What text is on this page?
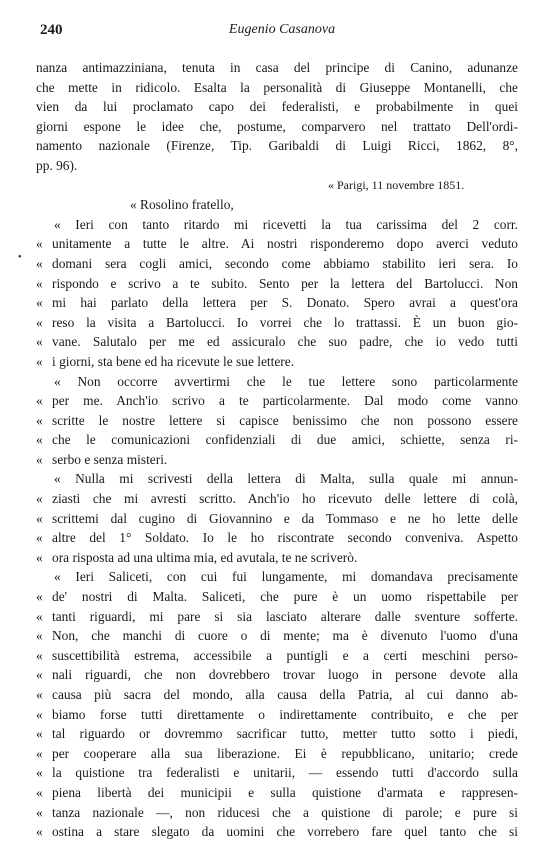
240	Eugenio Casanova
nanza antimazziniana, tenuta in casa del principe di Canino, adunanze
che mette in ridicolo. Esalta la personalità di Giuseppe Montanelli, che
vien da lui proclamato capo dei federalisti, e probabilmente in quei
giorni espone le idee che, postume, comparvero nel trattato Dell'ordi-
namento nazionale (Firenze, Tip. Garibaldi di Luigi Ricci, 1862, 8°,
pp. 96).
« Parigi, 11 novembre 1851.
« Rosolino fratello,
« Ieri con tanto ritardo mi ricevetti la tua carissima del 2 corr.
« unitamente a tutte le altre. Ai nostri risponderemo dopo averci veduto
« domani sera cogli amici, secondo come abbiamo stabilito ieri sera. Io
« rispondo e scrivo a te subito. Sento per la lettera del Bartolucci. Non
« mi hai parlato della lettera per S. Donato. Spero avrai a quest'ora
« reso la visita a Bartolucci. Io vorrei che lo trattassi. È un buon gio-
« vane. Salutalo per me ed assicuralo che suo padre, che io vedo tutti
« i giorni, sta bene ed ha ricevute le sue lettere.
« Non occorre avvertirmi che le tue lettere sono particolarmente
« per me. Anch'io scrivo a te particolarmente. Dal modo come vanno
« scritte le nostre lettere si capisce benissimo che non possono essere
« che le comunicazioni confidenziali di due amici, schiette, senza ri-
« serbo e senza misteri.
« Nulla mi scrivesti della lettera di Malta, sulla quale mi annun-
« ziasti che mi avresti scritto. Anch'io ho ricevuto delle lettere di colà,
« scrittemi dal cugino di Giovannino e da Tommaso e ne ho lette delle
« altre del 1° Soldato. Io le ho riscontrate secondo conveniva. Aspetto
« ora risposta ad una ultima mia, ed avutala, te ne scriverò.
« Ieri Saliceti, con cui fui lungamente, mi domandava precisamente
« de' nostri di Malta. Saliceti, che pure è un uomo rispettabile per
« tanti riguardi, mi pare si sia lasciato alterare dalle sventure sofferte.
« Non, che manchi di cuore o di mente; ma è divenuto l'uomo d'una
« suscettibilità estrema, accessibile a puntigli e a certi meschini perso-
« nali riguardi, che non dovrebbero trovar luogo in persone devote alla
« causa più sacra del mondo, alla causa della Patria, al cui danno ab-
« biamo forse tutti direttamente o indirettamente contribuito, e che per
« tal riguardo or dovremmo sacrificar tutto, metter tutto sotto i piedi,
« per cooperare alla sua liberazione. Ei è repubblicano, unitario; crede
« la quistione tra federalisti e unitarii, — essendo tutti d'accordo sulla
« piena libertà dei municipii e sulla quistione d'armata e rappresen-
« tanza nazionale —, non riducesi che a quistione di parole; e pure si
« ostina a stare slegato da uomini che vorrebero fare quel tanto che si
•
